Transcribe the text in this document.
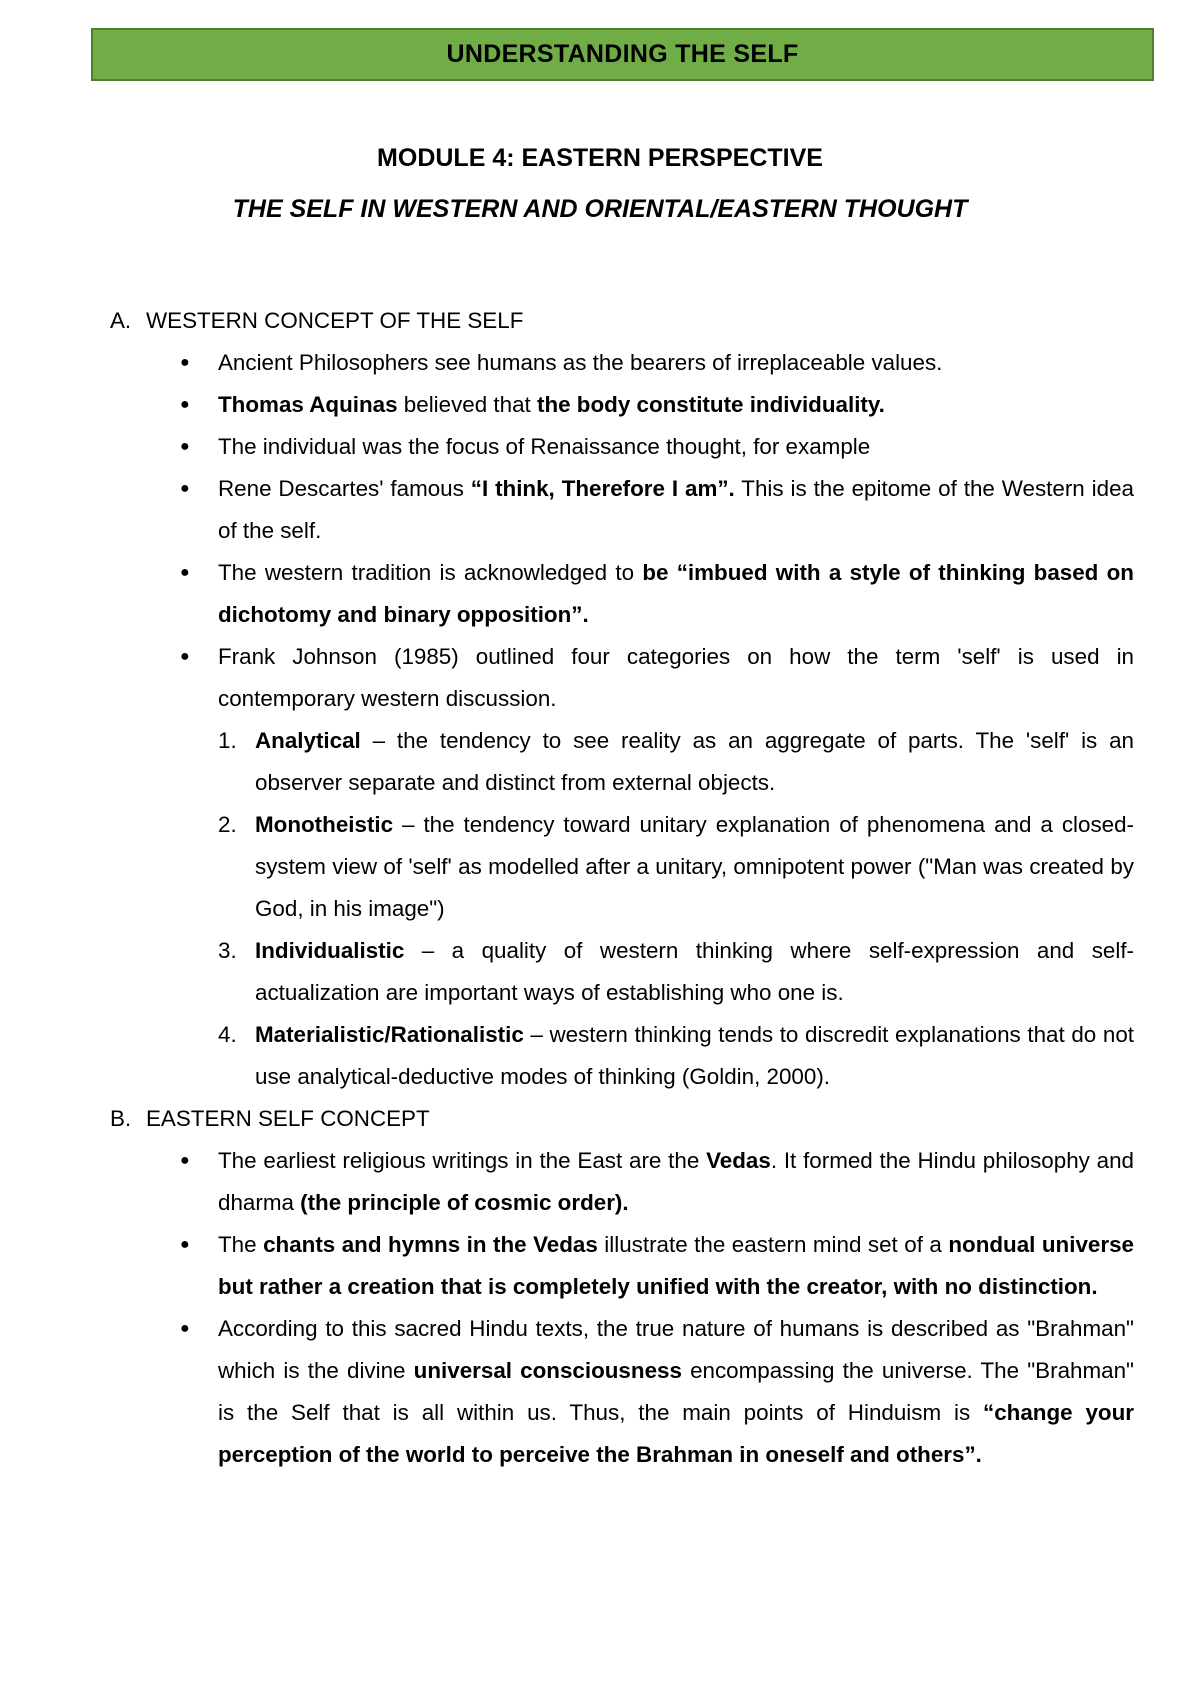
UNDERSTANDING THE SELF
MODULE 4: EASTERN PERSPECTIVE
THE SELF IN WESTERN AND ORIENTAL/EASTERN THOUGHT
A. WESTERN CONCEPT OF THE SELF
● Ancient Philosophers see humans as the bearers of irreplaceable values.
● Thomas Aquinas believed that the body constitute individuality.
● The individual was the focus of Renaissance thought, for example
● Rene Descartes' famous “I think, Therefore I am”. This is the epitome of the Western idea of the self.
● The western tradition is acknowledged to be “imbued with a style of thinking based on dichotomy and binary opposition”.
● Frank Johnson (1985) outlined four categories on how the term 'self' is used in contemporary western discussion.
1. Analytical – the tendency to see reality as an aggregate of parts. The 'self' is an observer separate and distinct from external objects.
2. Monotheistic – the tendency toward unitary explanation of phenomena and a closed-system view of 'self' as modelled after a unitary, omnipotent power ("Man was created by God, in his image")
3. Individualistic – a quality of western thinking where self-expression and self-actualization are important ways of establishing who one is.
4. Materialistic/Rationalistic – western thinking tends to discredit explanations that do not use analytical-deductive modes of thinking (Goldin, 2000).
B. EASTERN SELF CONCEPT
● The earliest religious writings in the East are the Vedas. It formed the Hindu philosophy and dharma (the principle of cosmic order).
● The chants and hymns in the Vedas illustrate the eastern mind set of a nondual universe but rather a creation that is completely unified with the creator, with no distinction.
● According to this sacred Hindu texts, the true nature of humans is described as "Brahman" which is the divine universal consciousness encompassing the universe. The "Brahman" is the Self that is all within us. Thus, the main points of Hinduism is “change your perception of the world to perceive the Brahman in oneself and others”.
